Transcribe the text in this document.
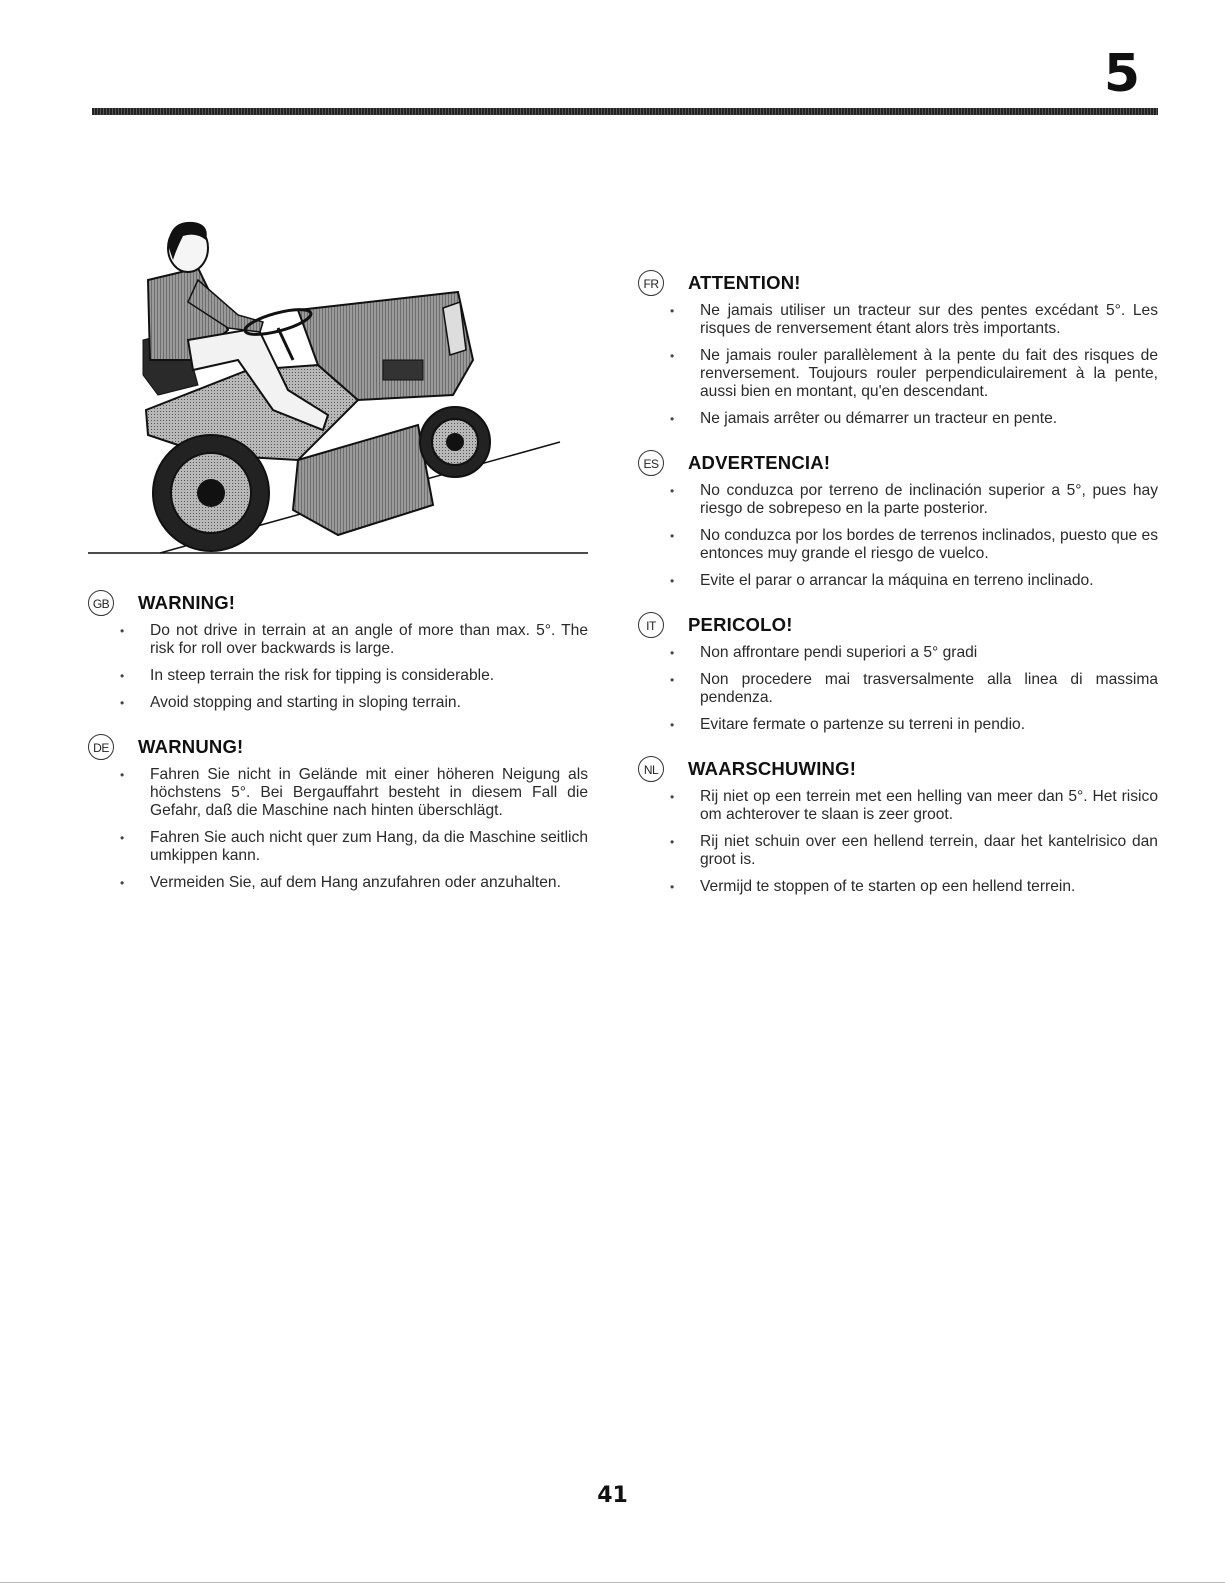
5
GB WARNING!
• Do not drive in terrain at an angle of more than max. 5°. The risk for roll over backwards is large.
• In steep terrain the risk for tipping is considerable.
• Avoid stopping and starting in sloping terrain.
DE WARNUNG!
• Fahren Sie nicht in Gelände mit einer höheren Neigung als höchstens 5°. Bei Bergauffahrt besteht in diesem Fall die Gefahr, daß die Maschine nach hinten überschlägt.
• Fahren Sie auch nicht quer zum Hang, da die Maschine seitlich umkippen kann.
• Vermeiden Sie, auf dem Hang anzufahren oder anzuhalten.
FR ATTENTION!
• Ne jamais utiliser un tracteur sur des pentes excédant 5°. Les risques de renversement étant alors très importants.
• Ne jamais rouler parallèlement à la pente du fait des risques de renversement. Toujours rouler perpendiculairement à la pente, aussi bien en montant, qu'en descendant.
• Ne jamais arrêter ou démarrer un tracteur en pente.
ES ADVERTENCIA!
• No conduzca por terreno de inclinación superior a 5°, pues hay riesgo de sobrepeso en la parte posterior.
• No conduzca por los bordes de terrenos inclinados, puesto que es entonces muy grande el riesgo de vuelco.
• Evite el parar o arrancar la máquina en terreno inclinado.
IT	PERICOLO!
• Non affrontare pendi superiori a 5° gradi
• Non procedere mai trasversalmente alla linea di massima pendenza.
• Evitare fermate o partenze su terreni in pendio.
NL	WAARSCHUWING!
• Rij niet op een terrein met een helling van meer dan 5°. Het risico om achterover te slaan is zeer groot.
• Rij niet schuin over een hellend terrein, daar het kantelrisico dan groot is.
• Vermijd te stoppen of te starten op een hellend terrein.
41
